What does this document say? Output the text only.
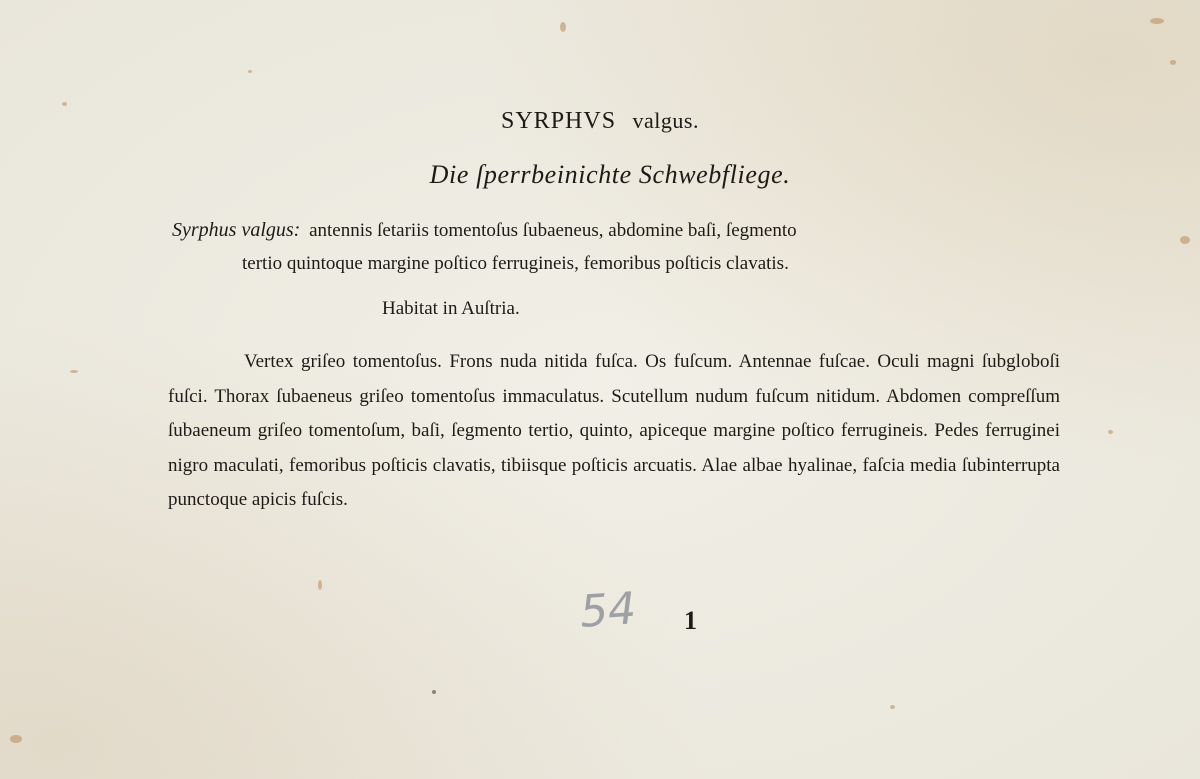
SYRPHVS valgus.
Die ſperrbeinichte Schwebfliege.
Syrphus valgus: antennis ſetariis tomentoſus ſubaeneus, abdomine baſi, ſegmento
tertio quintoque margine poſtico ferrugineis, femoribus poſticis clavatis.
Habitat in Auſtria.

Vertex griſeo tomentoſus. Frons nuda nitida fuſca. Os fuſcum. Antennae fuſcae. Oculi magni ſubgloboſi fuſci. Thorax ſubaeneus griſeo tomentoſus immaculatus. Scutellum nudum fuſcum nitidum. Abdomen compreſſum ſubaeneum griſeo tomentoſum, baſi, ſegmento tertio, quinto, apiceque margine poſtico ferrugineis. Pedes ferruginei nigro maculati, femoribus poſticis clavatis, tibiisque poſticis arcuatis. Alae albae hyalinae, faſcia media ſubinterrupta punctoque apicis fuſcis.

54 1
